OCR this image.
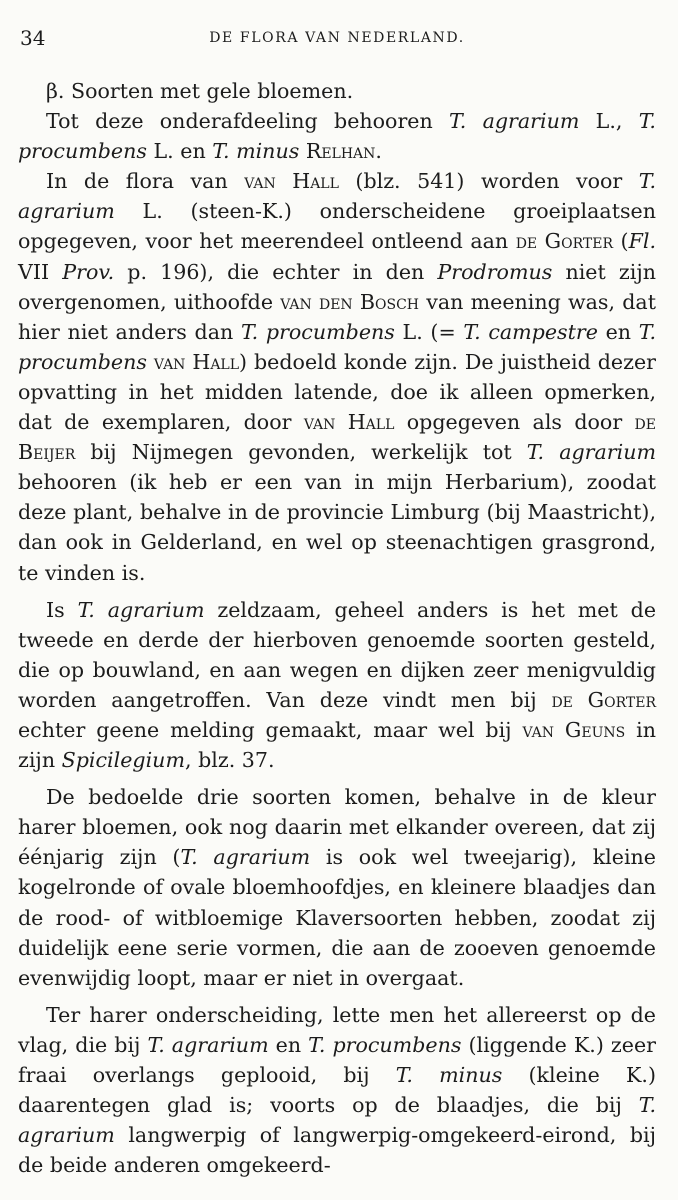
34	DE FLORA VAN NEDERLAND.

β. Soorten met gele bloemen.

Tot deze onderafdeeling behooren T. agrarium L., T. procumbens L. en T. minus Relhan.

In de flora van van Hall (blz. 541) worden voor T. agrarium L. (steen-K.) onderscheidene groeiplaatsen opgegeven, voor het meerendeel ontleend aan de Gorter (Fl. VII Prov. p. 196), die echter in den Prodromus niet zijn overgenomen, uithoofde van den Bosch van meening was, dat hier niet anders dan T. procumbens L. (= T. campestre en T. procumbens van Hall) bedoeld konde zijn. De juistheid dezer opvatting in het midden latende, doe ik alleen opmerken, dat de exemplaren, door van Hall opgegeven als door de Beijer bij Nijmegen gevonden, werkelijk tot T. agrarium behooren (ik heb er een van in mijn Herbarium), zoodat deze plant, behalve in de provincie Limburg (bij Maastricht), dan ook in Gelderland, en wel op steenachtigen grasgrond, te vinden is.

Is T. agrarium zeldzaam, geheel anders is het met de tweede en derde der hierboven genoemde soorten gesteld, die op bouwland, en aan wegen en dijken zeer menigvuldig worden aangetroffen. Van deze vindt men bij de Gorter echter geene melding gemaakt, maar wel bij van Geuns in zijn Spicilegium, blz. 37.

De bedoelde drie soorten komen, behalve in de kleur harer bloemen, ook nog daarin met elkander overeen, dat zij éénjarig zijn (T. agrarium is ook wel tweejarig), kleine kogelronde of ovale bloemhoofdjes, en kleinere blaadjes dan de rood- of witbloemige Klaversoorten hebben, zoodat zij duidelijk eene serie vormen, die aan de zooeven genoemde evenwijdig loopt, maar er niet in overgaat.

Ter harer onderscheiding, lette men het allereerst op de vlag, die bij T. agrarium en T. procumbens (liggende K.) zeer fraai overlangs geplooid, bij T. minus (kleine K.) daarentegen glad is; voorts op de blaadjes, die bij T. agrarium langwerpig of langwerpig-omgekeerd-eirond, bij de beide anderen omgekeerd-
